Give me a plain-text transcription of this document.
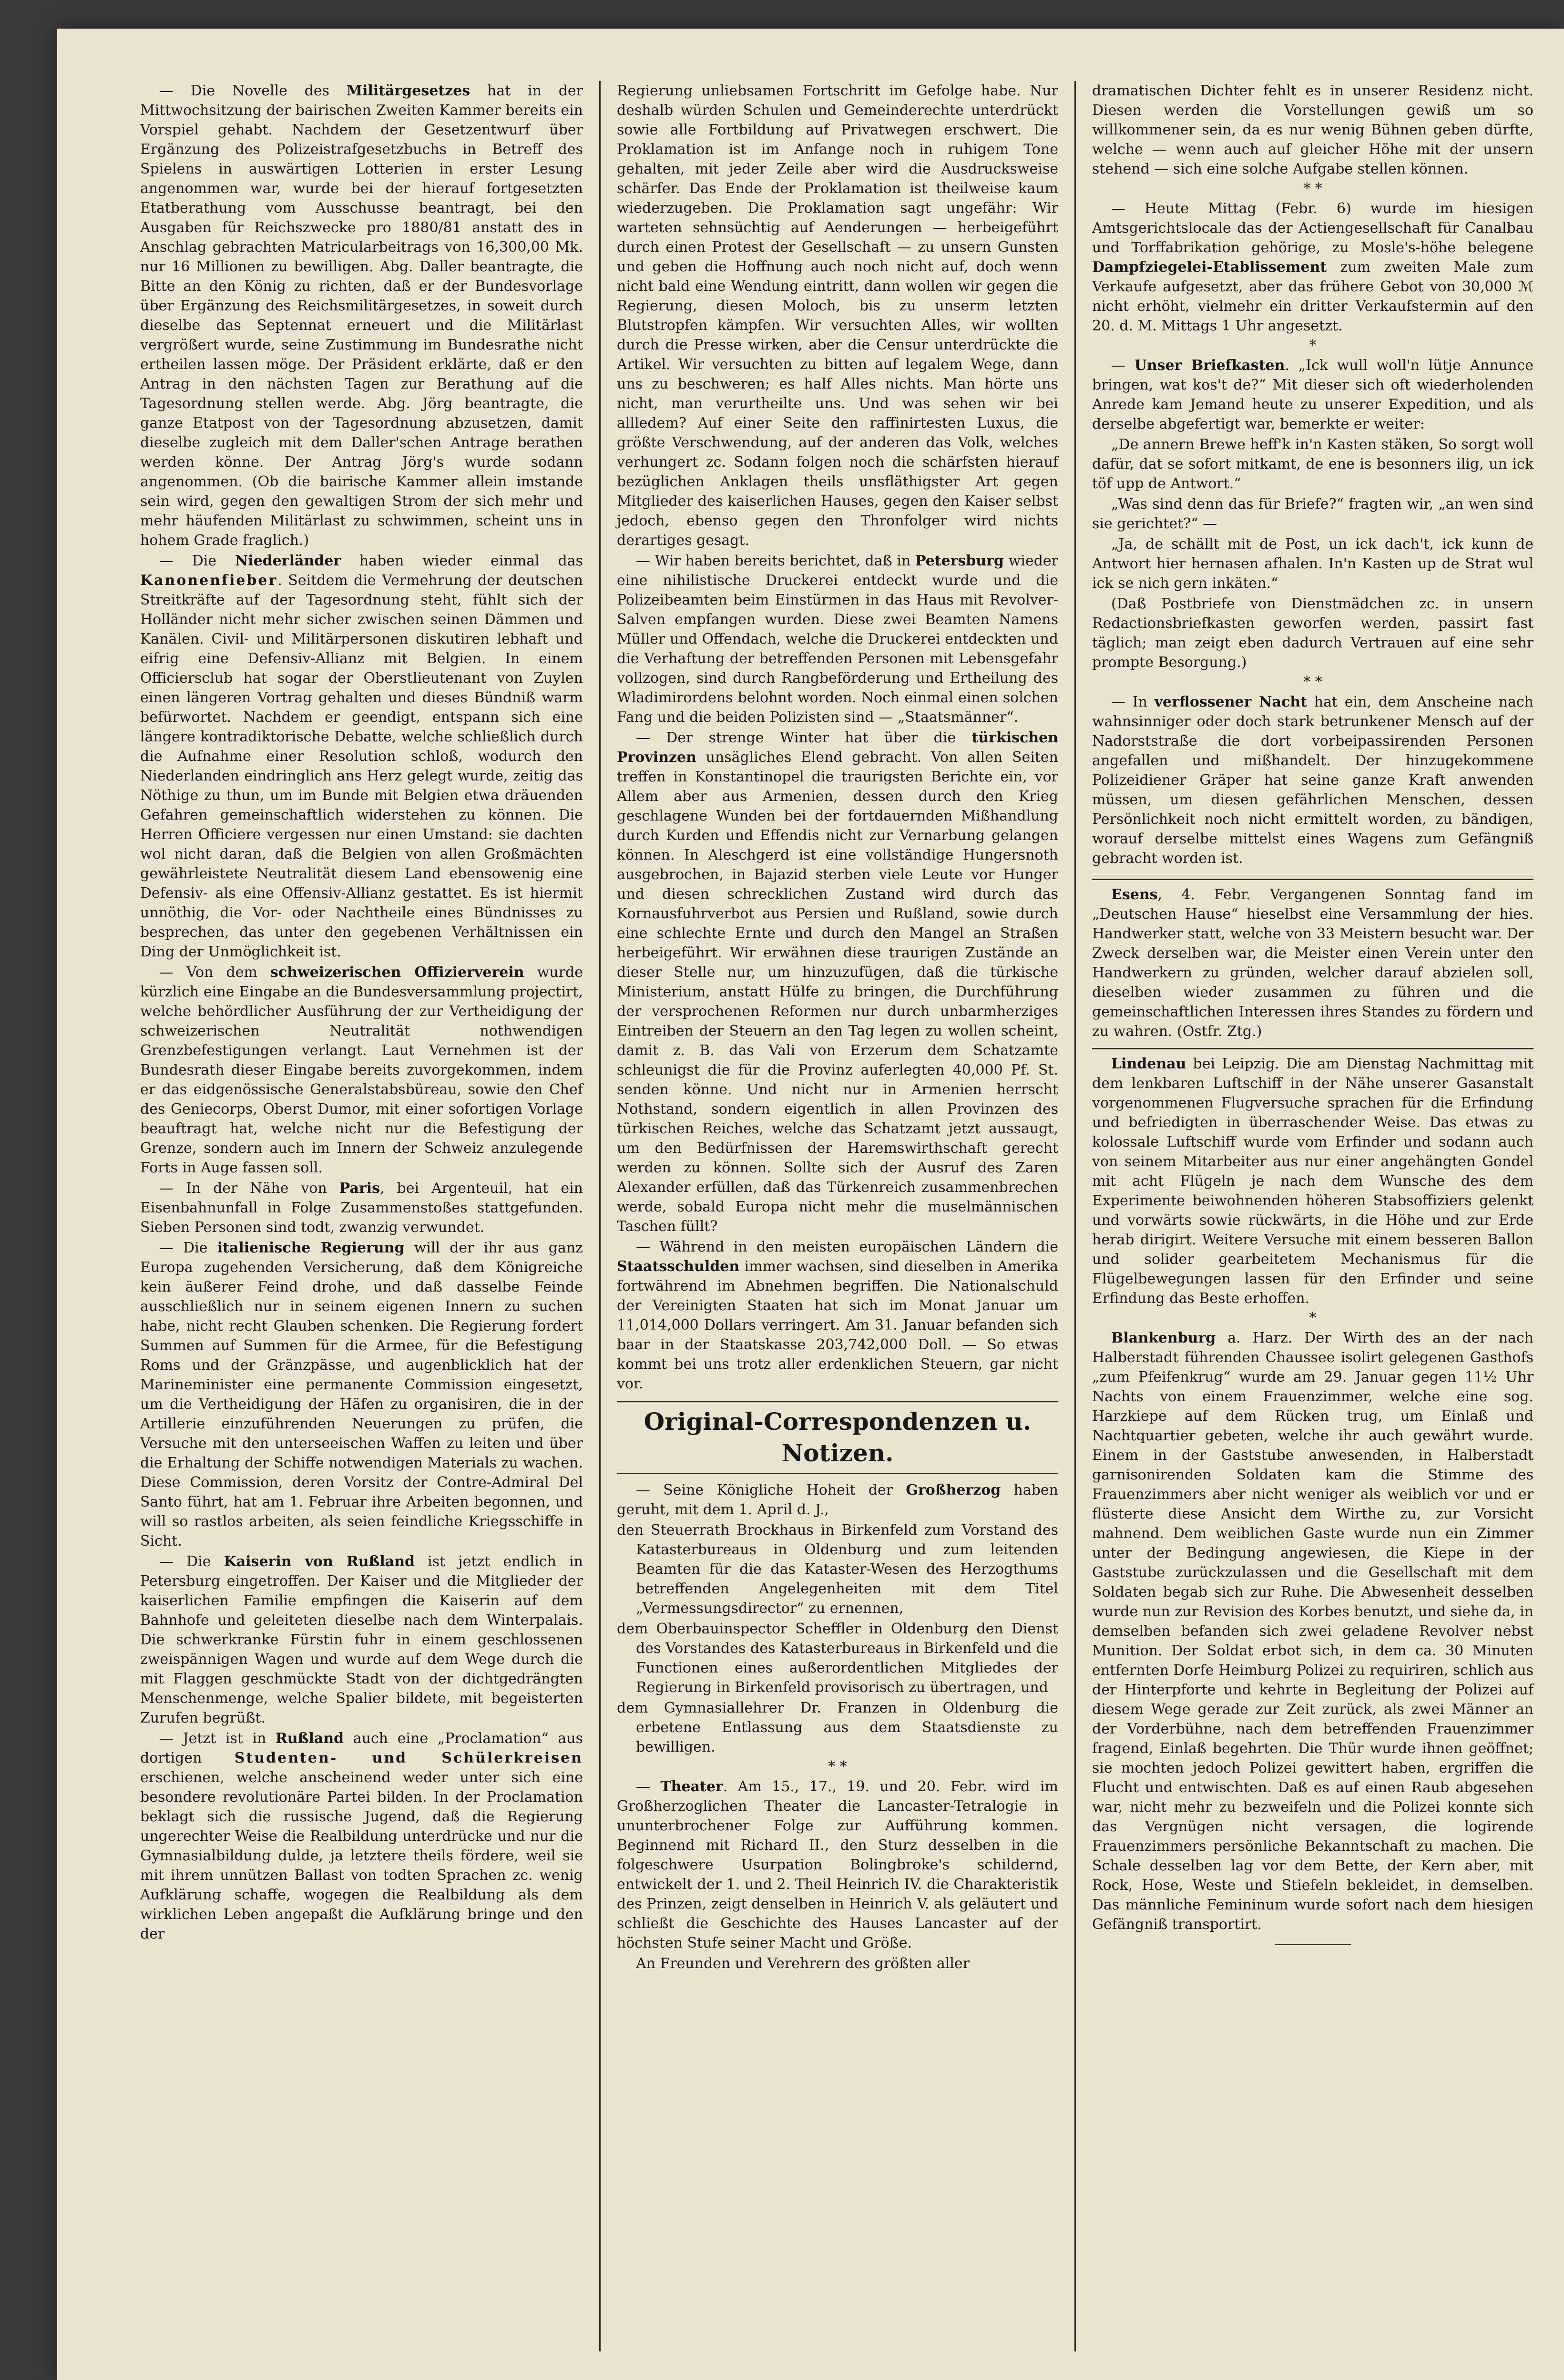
— Die Novelle des Militärgesetzes hat in der Mittwochsitzung der bairischen Zweiten Kammer bereits ein Vorspiel gehabt. Nachdem der Gesetzentwurf über Ergänzung des Polizeistrafgesetzbuchs in Betreff des Spielens in auswärtigen Lotterien in erster Lesung angenommen war, wurde bei der hierauf fortgesetzten Etatberathung vom Ausschusse beantragt, bei den Ausgaben für Reichszwecke pro 1880/81 anstatt des in Anschlag gebrachten Matricularbeitrags von 16,300,00 Mk. nur 16 Millionen zu bewilligen. Abg. Daller beantragte, die Bitte an den König zu richten, daß er der Bundesvorlage über Ergänzung des Reichsmilitärgesetzes, in soweit durch dieselbe das Septennat erneuert und die Militärlast vergrößert wurde, seine Zustimmung im Bundesrathe nicht ertheilen lassen möge. Der Präsident erklärte, daß er den Antrag in den nächsten Tagen zur Berathung auf die Tagesordnung stellen werde. Abg. Jörg beantragte, die ganze Etatpost von der Tagesordnung abzusetzen, damit dieselbe zugleich mit dem Daller'schen Antrage berathen werden könne. Der Antrag Jörg's wurde sodann angenommen. (Ob die bairische Kammer allein imstande sein wird, gegen den gewaltigen Strom der sich mehr und mehr häufenden Militärlast zu schwimmen, scheint uns in hohem Grade fraglich.)

— Die Niederländer haben wieder einmal das Kanonenfieber. Seitdem die Vermehrung der deutschen Streitkräfte auf der Tagesordnung steht, fühlt sich der Holländer nicht mehr sicher zwischen seinen Dämmen und Kanälen. Civil- und Militärpersonen diskutiren lebhaft und eifrig eine Defensiv-Allianz mit Belgien. In einem Officiersclub hat sogar der Oberstlieutenant von Zuylen einen längeren Vortrag gehalten und dieses Bündniß warm befürwortet. Nachdem er geendigt, entspann sich eine längere kontradiktorische Debatte, welche schließlich durch die Aufnahme einer Resolution schloß, wodurch den Niederlanden eindringlich ans Herz gelegt wurde, zeitig das Nöthige zu thun, um im Bunde mit Belgien etwa dräuenden Gefahren gemeinschaftlich widerstehen zu können. Die Herren Officiere vergessen nur einen Umstand: sie dachten wol nicht daran, daß die Belgien von allen Großmächten gewährleistete Neutralität diesem Land ebensowenig eine Defensiv- als eine Offensiv-Allianz gestattet. Es ist hiermit unnöthig, die Vor- oder Nachtheile eines Bündnisses zu besprechen, das unter den gegebenen Verhältnissen ein Ding der Unmöglichkeit ist.

— Von dem schweizerischen Offizierverein wurde kürzlich eine Eingabe an die Bundesversammlung projectirt, welche behördlicher Ausführung der zur Vertheidigung der schweizerischen Neutralität nothwendigen Grenzbefestigungen verlangt. Laut Vernehmen ist der Bundesrath dieser Eingabe bereits zuvorgekommen, indem er das eidgenössische Generalstabsbüreau, sowie den Chef des Geniecorps, Oberst Dumor, mit einer sofortigen Vorlage beauftragt hat, welche nicht nur die Befestigung der Grenze, sondern auch im Innern der Schweiz anzulegende Forts in Auge fassen soll.

— In der Nähe von Paris, bei Argenteuil, hat ein Eisenbahnunfall in Folge Zusammenstoßes stattgefunden. Sieben Personen sind todt, zwanzig verwundet.

— Die italienische Regierung will der ihr aus ganz Europa zugehenden Versicherung, daß dem Königreiche kein äußerer Feind drohe, und daß dasselbe Feinde ausschließlich nur in seinem eigenen Innern zu suchen habe, nicht recht Glauben schenken. Die Regierung fordert Summen auf Summen für die Armee, für die Befestigung Roms und der Gränzpässe, und augenblicklich hat der Marineminister eine permanente Commission eingesetzt, um die Vertheidigung der Häfen zu organisiren, die in der Artillerie einzuführenden Neuerungen zu prüfen, die Versuche mit den unterseeischen Waffen zu leiten und über die Erhaltung der Schiffe notwendigen Materials zu wachen. Diese Commission, deren Vorsitz der Contre-Admiral Del Santo führt, hat am 1. Februar ihre Arbeiten begonnen, und will so rastlos arbeiten, als seien feindliche Kriegsschiffe in Sicht.

— Die Kaiserin von Rußland ist jetzt endlich in Petersburg eingetroffen. Der Kaiser und die Mitglieder der kaiserlichen Familie empfingen die Kaiserin auf dem Bahnhofe und geleiteten dieselbe nach dem Winterpalais. Die schwerkranke Fürstin fuhr in einem geschlossenen zweispännigen Wagen und wurde auf dem Wege durch die mit Flaggen geschmückte Stadt von der dichtgedrängten Menschenmenge, welche Spalier bildete, mit begeisterten Zurufen begrüßt.

— Jetzt ist in Rußland auch eine „Proclamation“ aus dortigen Studenten- und Schülerkreisen erschienen, welche anscheinend weder unter sich eine besondere revolutionäre Partei bilden. In der Proclamation beklagt sich die russische Jugend, daß die Regierung ungerechter Weise die Realbildung unterdrücke und nur die Gymnasialbildung dulde, ja letztere theils fördere, weil sie mit ihrem unnützen Ballast von todten Sprachen zc. wenig Aufklärung schaffe, wogegen die Realbildung als dem wirklichen Leben angepaßt die Aufklärung bringe und den der

Regierung unliebsamen Fortschritt im Gefolge habe. Nur deshalb würden Schulen und Gemeinderechte unterdrückt sowie alle Fortbildung auf Privatwegen erschwert. Die Proklamation ist im Anfange noch in ruhigem Tone gehalten, mit jeder Zeile aber wird die Ausdrucksweise schärfer. Das Ende der Proklamation ist theilweise kaum wiederzugeben. Die Proklamation sagt ungefähr: Wir warteten sehnsüchtig auf Aenderungen — herbeigeführt durch einen Protest der Gesellschaft — zu unsern Gunsten und geben die Hoffnung auch noch nicht auf, doch wenn nicht bald eine Wendung eintritt, dann wollen wir gegen die Regierung, diesen Moloch, bis zu unserm letzten Blutstropfen kämpfen. Wir versuchten Alles, wir wollten durch die Presse wirken, aber die Censur unterdrückte die Artikel. Wir versuchten zu bitten auf legalem Wege, dann uns zu beschweren; es half Alles nichts. Man hörte uns nicht, man verurtheilte uns. Und was sehen wir bei allledem? Auf einer Seite den raffinirtesten Luxus, die größte Verschwendung, auf der anderen das Volk, welches verhungert zc. Sodann folgen noch die schärfsten hierauf bezüglichen Anklagen theils unsfläthigster Art gegen Mitglieder des kaiserlichen Hauses, gegen den Kaiser selbst jedoch, ebenso gegen den Thronfolger wird nichts derartiges gesagt.

— Wir haben bereits berichtet, daß in Petersburg wieder eine nihilistische Druckerei entdeckt wurde und die Polizeibeamten beim Einstürmen in das Haus mit Revolver-Salven empfangen wurden. Diese zwei Beamten Namens Müller und Offendach, welche die Druckerei entdeckten und die Verhaftung der betreffenden Personen mit Lebensgefahr vollzogen, sind durch Rangbeförderung und Ertheilung des Wladimirordens belohnt worden. Noch einmal einen solchen Fang und die beiden Polizisten sind — „Staatsmänner“.

— Der strenge Winter hat über die türkischen Provinzen unsägliches Elend gebracht. Von allen Seiten treffen in Konstantinopel die traurigsten Berichte ein, vor Allem aber aus Armenien, dessen durch den Krieg geschlagene Wunden bei der fortdauernden Mißhandlung durch Kurden und Effendis nicht zur Vernarbung gelangen können. In Aleschgerd ist eine vollständige Hungersnoth ausgebrochen, in Bajazid sterben viele Leute vor Hunger und diesen schrecklichen Zustand wird durch das Kornausfuhrverbot aus Persien und Rußland, sowie durch eine schlechte Ernte und durch den Mangel an Straßen herbeigeführt. Wir erwähnen diese traurigen Zustände an dieser Stelle nur, um hinzuzufügen, daß die türkische Ministerium, anstatt Hülfe zu bringen, die Durchführung der versprochenen Reformen nur durch unbarmherziges Eintreiben der Steuern an den Tag legen zu wollen scheint, damit z. B. das Vali von Erzerum dem Schatzamte schleunigst die für die Provinz auferlegten 40,000 Pf. St. senden könne. Und nicht nur in Armenien herrscht Nothstand, sondern eigentlich in allen Provinzen des türkischen Reiches, welche das Schatzamt jetzt aussaugt, um den Bedürfnissen der Haremswirthschaft gerecht werden zu können. Sollte sich der Ausruf des Zaren Alexander erfüllen, daß das Türkenreich zusammenbrechen werde, sobald Europa nicht mehr die muselmännischen Taschen füllt?

— Während in den meisten europäischen Ländern die Staatsschulden immer wachsen, sind dieselben in Amerika fortwährend im Abnehmen begriffen. Die Nationalschuld der Vereinigten Staaten hat sich im Monat Januar um 11,014,000 Dollars verringert. Am 31. Januar befanden sich baar in der Staatskasse 203,742,000 Doll. — So etwas kommt bei uns trotz aller erdenklichen Steuern, gar nicht vor.

Original-Correspondenzen u. Notizen.

— Seine Königliche Hoheit der Großherzog haben geruht, mit dem 1. April d. J.,

den Steuerrath Brockhaus in Birkenfeld zum Vorstand des Katasterbureaus in Oldenburg und zum leitenden Beamten für die das Kataster-Wesen des Herzogthums betreffenden Angelegenheiten mit dem Titel „Vermessungsdirector“ zu ernennen,

dem Oberbauinspector Scheffler in Oldenburg den Dienst des Vorstandes des Katasterbureaus in Birkenfeld und die Functionen eines außerordentlichen Mitgliedes der Regierung in Birkenfeld provisorisch zu übertragen, und

dem Gymnasiallehrer Dr. Franzen in Oldenburg die erbetene Entlassung aus dem Staatsdienste zu bewilligen.

* *

— Theater. Am 15., 17., 19. und 20. Febr. wird im Großherzoglichen Theater die Lancaster-Tetralogie in ununterbrochener Folge zur Aufführung kommen. Beginnend mit Richard II., den Sturz desselben in die folgeschwere Usurpation Bolingbroke's schildernd, entwickelt der 1. und 2. Theil Heinrich IV. die Charakteristik des Prinzen, zeigt denselben in Heinrich V. als geläutert und schließt die Geschichte des Hauses Lancaster auf der höchsten Stufe seiner Macht und Größe.

An Freunden und Verehrern des größten aller

dramatischen Dichter fehlt es in unserer Residenz nicht. Diesen werden die Vorstellungen gewiß um so willkommener sein, da es nur wenig Bühnen geben dürfte, welche — wenn auch auf gleicher Höhe mit der unsern stehend — sich eine solche Aufgabe stellen können.

* *

— Heute Mittag (Febr. 6) wurde im hiesigen Amtsgerichtslocale das der Actiengesellschaft für Canalbau und Torffabrikation gehörige, zu Mosle's-höhe belegene Dampfziegelei-Etablissement zum zweiten Male zum Verkaufe aufgesetzt, aber das frühere Gebot von 30,000 ℳ nicht erhöht, vielmehr ein dritter Verkaufstermin auf den 20. d. M. Mittags 1 Uhr angesetzt.

*

— Unser Briefkasten. „Ick wull woll'n lütje Annunce bringen, wat kos't de?“ Mit dieser sich oft wiederholenden Anrede kam Jemand heute zu unserer Expedition, und als derselbe abgefertigt war, bemerkte er weiter:

„De annern Brewe heff'k in'n Kasten stäken, So sorgt woll dafür, dat se sofort mitkamt, de ene is besonners ilig, un ick töf upp de Antwort.“

„Was sind denn das für Briefe?“ fragten wir, „an wen sind sie gerichtet?“ —

„Ja, de schällt mit de Post, un ick dach't, ick kunn de Antwort hier hernasen afhalen. In'n Kasten up de Strat wul ick se nich gern inkäten.“

(Daß Postbriefe von Dienstmädchen zc. in unsern Redactionsbriefkasten geworfen werden, passirt fast täglich; man zeigt eben dadurch Vertrauen auf eine sehr prompte Besorgung.)

* *

— In verflossener Nacht hat ein, dem Anscheine nach wahnsinniger oder doch stark betrunkener Mensch auf der Nadorststraße die dort vorbeipassirenden Personen angefallen und mißhandelt. Der hinzugekommene Polizeidiener Gräper hat seine ganze Kraft anwenden müssen, um diesen gefährlichen Menschen, dessen Persönlichkeit noch nicht ermittelt worden, zu bändigen, worauf derselbe mittelst eines Wagens zum Gefängniß gebracht worden ist.

Esens, 4. Febr. Vergangenen Sonntag fand im „Deutschen Hause“ hieselbst eine Versammlung der hies. Handwerker statt, welche von 33 Meistern besucht war. Der Zweck derselben war, die Meister einen Verein unter den Handwerkern zu gründen, welcher darauf abzielen soll, dieselben wieder zusammen zu führen und die gemeinschaftlichen Interessen ihres Standes zu fördern und zu wahren. (Ostfr. Ztg.)

Lindenau bei Leipzig. Die am Dienstag Nachmittag mit dem lenkbaren Luftschiff in der Nähe unserer Gasanstalt vorgenommenen Flugversuche sprachen für die Erfindung und befriedigten in überraschender Weise. Das etwas zu kolossale Luftschiff wurde vom Erfinder und sodann auch von seinem Mitarbeiter aus nur einer angehängten Gondel mit acht Flügeln je nach dem Wunsche des dem Experimente beiwohnenden höheren Stabsoffiziers gelenkt und vorwärts sowie rückwärts, in die Höhe und zur Erde herab dirigirt. Weitere Versuche mit einem besseren Ballon und solider gearbeitetem Mechanismus für die Flügelbewegungen lassen für den Erfinder und seine Erfindung das Beste erhoffen.

*

Blankenburg a. Harz. Der Wirth des an der nach Halberstadt führenden Chaussee isolirt gelegenen Gasthofs „zum Pfeifenkrug“ wurde am 29. Januar gegen 11½ Uhr Nachts von einem Frauenzimmer, welche eine sog. Harzkiepe auf dem Rücken trug, um Einlaß und Nachtquartier gebeten, welche ihr auch gewährt wurde. Einem in der Gaststube anwesenden, in Halberstadt garnisonirenden Soldaten kam die Stimme des Frauenzimmers aber nicht weniger als weiblich vor und er flüsterte diese Ansicht dem Wirthe zu, zur Vorsicht mahnend. Dem weiblichen Gaste wurde nun ein Zimmer unter der Bedingung angewiesen, die Kiepe in der Gaststube zurückzulassen und die Gesellschaft mit dem Soldaten begab sich zur Ruhe. Die Abwesenheit desselben wurde nun zur Revision des Korbes benutzt, und siehe da, in demselben befanden sich zwei geladene Revolver nebst Munition. Der Soldat erbot sich, in dem ca. 30 Minuten entfernten Dorfe Heimburg Polizei zu requiriren, schlich aus der Hinterpforte und kehrte in Begleitung der Polizei auf diesem Wege gerade zur Zeit zurück, als zwei Männer an der Vorderbühne, nach dem betreffenden Frauenzimmer fragend, Einlaß begehrten. Die Thür wurde ihnen geöffnet; sie mochten jedoch Polizei gewittert haben, ergriffen die Flucht und entwischten. Daß es auf einen Raub abgesehen war, nicht mehr zu bezweifeln und die Polizei konnte sich das Vergnügen nicht versagen, die logirende Frauenzimmers persönliche Bekanntschaft zu machen. Die Schale desselben lag vor dem Bette, der Kern aber, mit Rock, Hose, Weste und Stiefeln bekleidet, in demselben. Das männliche Femininum wurde sofort nach dem hiesigen Gefängniß transportirt.
